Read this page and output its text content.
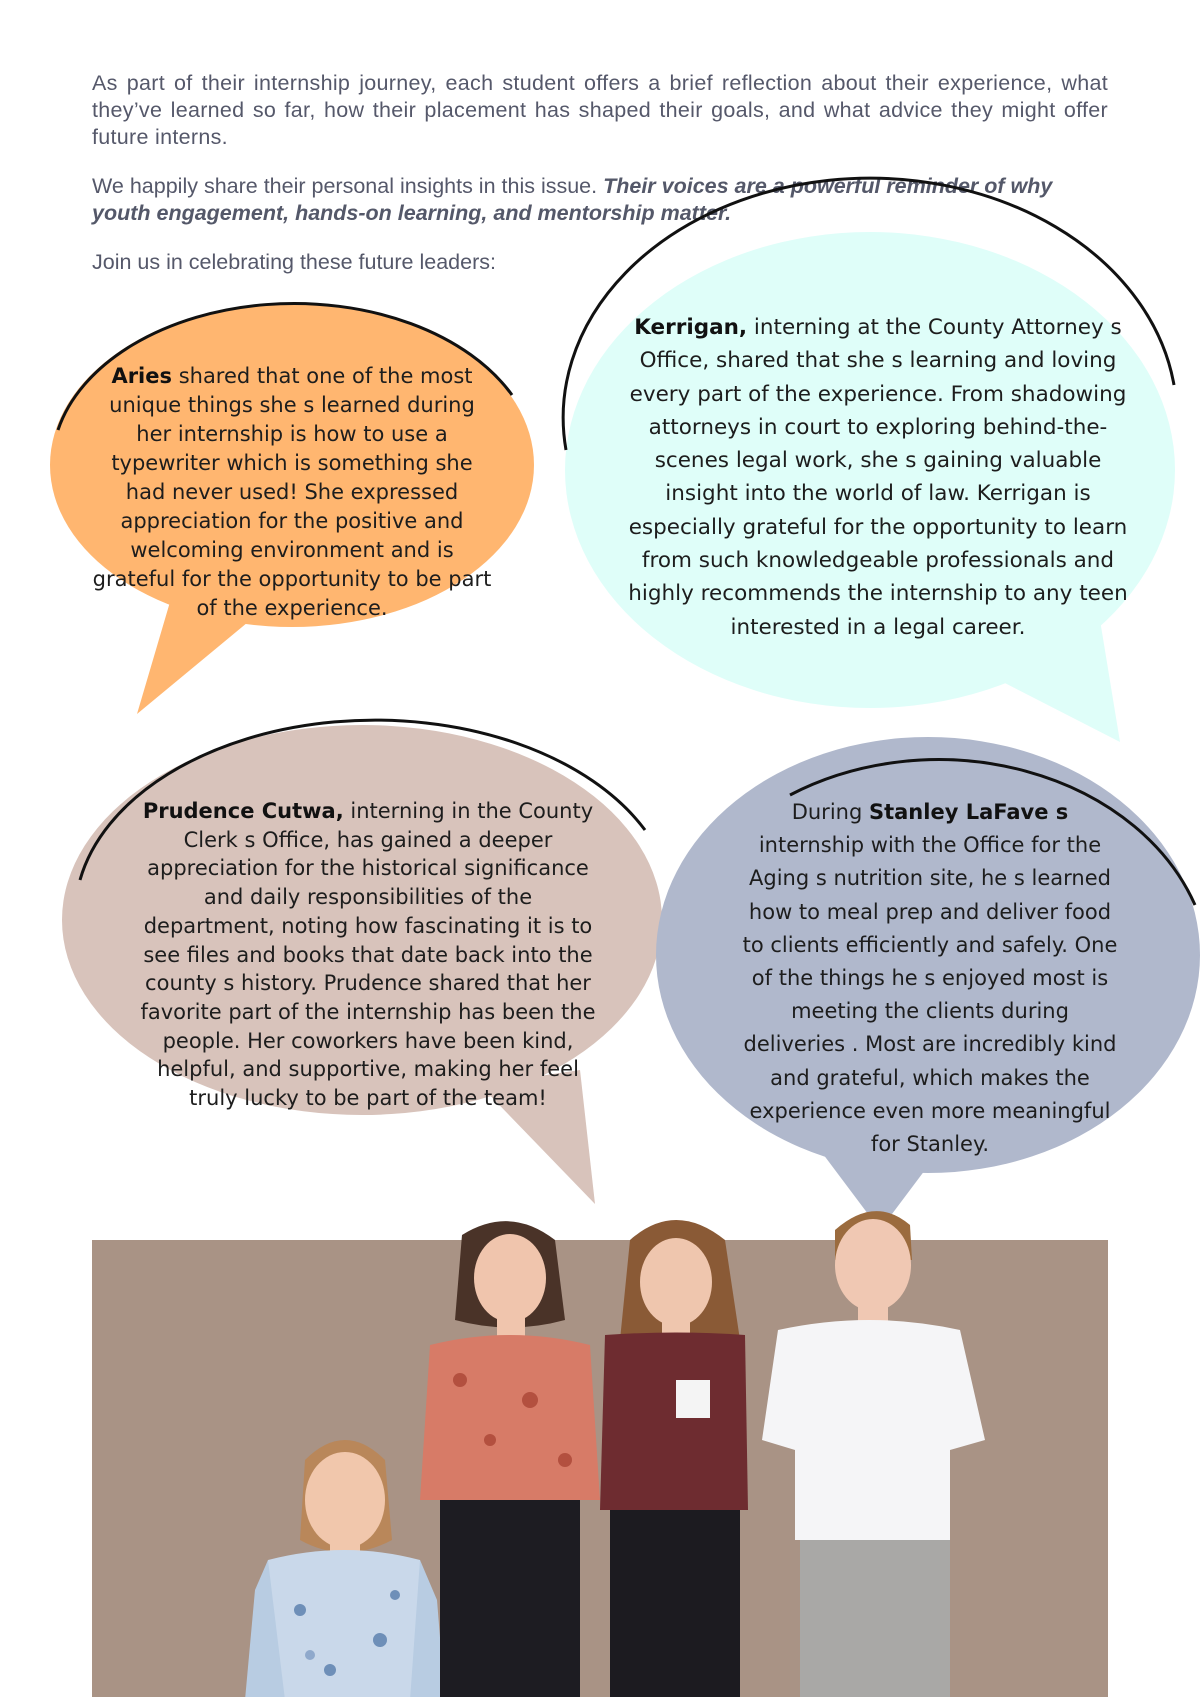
As part of their internship journey, each student offers a brief reflection about their experience, what they’ve learned so far, how their placement has shaped their goals, and what advice they might offer future interns.

We happily share their personal insights in this issue. Their voices are a powerful reminder of why youth engagement, hands-on learning, and mentorship matter.

Join us in celebrating these future leaders:

Aries shared that one of the most unique things she s learned during her internship is how to use a typewriter which is something she had never used! She expressed appreciation for the positive and welcoming environment and is grateful for the opportunity to be part of the experience.

Kerrigan, interning at the County Attorney s Office, shared that she s learning and loving every part of the experience. From shadowing attorneys in court to exploring behind-the-scenes legal work, she s gaining valuable insight into the world of law. Kerrigan is especially grateful for the opportunity to learn from such knowledgeable professionals and highly recommends the internship to any teen interested in a legal career.

Prudence Cutwa, interning in the County Clerk s Office, has gained a deeper appreciation for the historical significance and daily responsibilities of the department, noting how fascinating it is to see files and books that date back into the county s history. Prudence shared that her favorite part of the internship has been the people. Her coworkers have been kind, helpful, and supportive, making her feel truly lucky to be part of the team!

During Stanley LaFave s internship with the Office for the Aging s nutrition site, he s learned how to meal prep and deliver food to clients efficiently and safely. One of the things he s enjoyed most is meeting the clients during deliveries . Most are incredibly kind and grateful, which makes the experience even more meaningful for Stanley.
